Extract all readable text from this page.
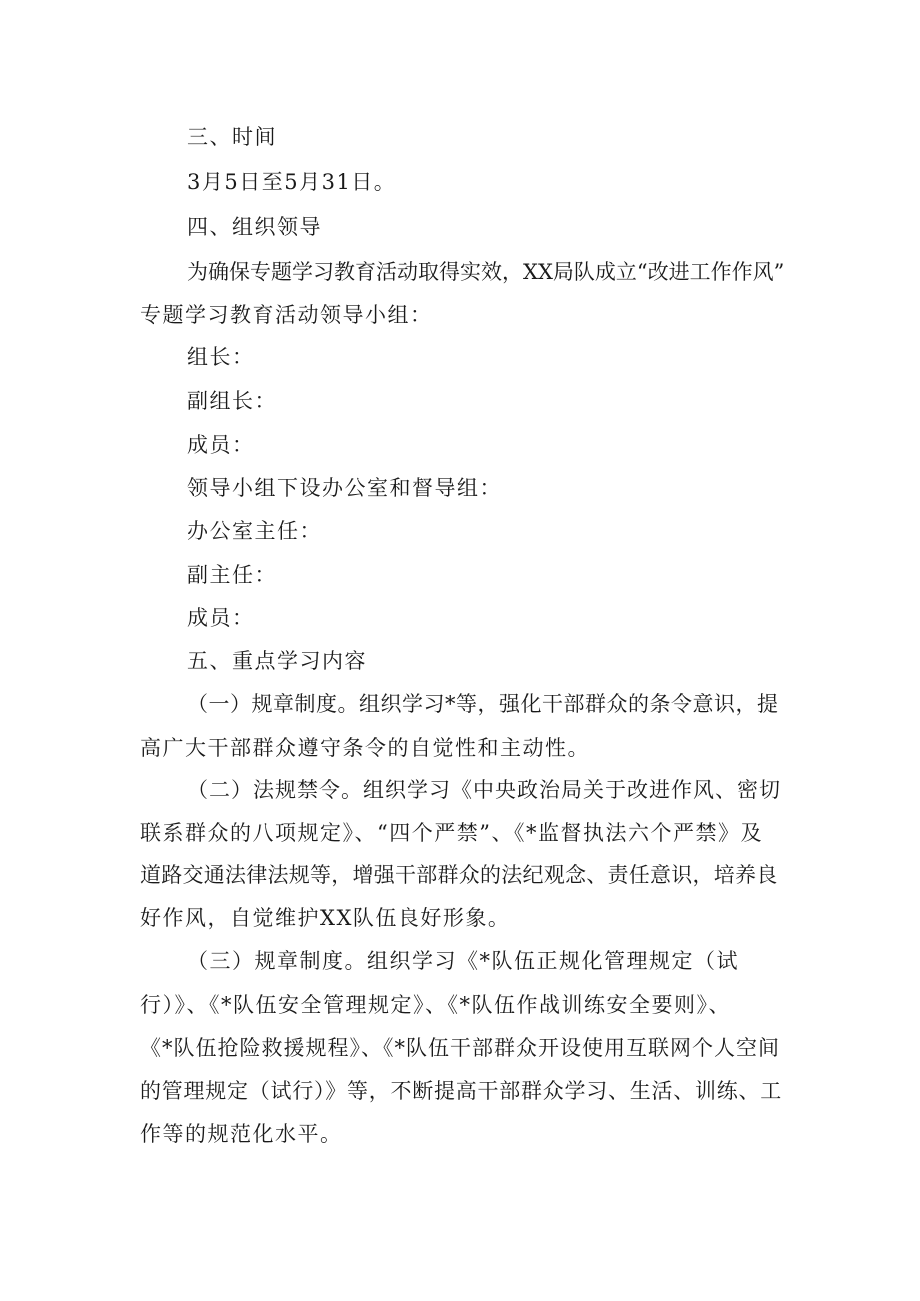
三、时间
3月5日至5月31日。
四、组织领导
为确保专题学习教育活动取得实效，XX局队成立“改进工作作风”
专题学习教育活动领导小组：
组长：
副组长：
成员：
领导小组下设办公室和督导组：
办公室主任：
副主任：
成员：
五、重点学习内容
（一）规章制度。组织学习*等，强化干部群众的条令意识，提
高广大干部群众遵守条令的自觉性和主动性。
（二）法规禁令。组织学习《中央政治局关于改进作风、密切
联系群众的八项规定》、“四个严禁”、《*监督执法六个严禁》及
道路交通法律法规等，增强干部群众的法纪观念、责任意识，培养良
好作风，自觉维护XX队伍良好形象。
（三）规章制度。组织学习《*队伍正规化管理规定（试
行）》、《*队伍安全管理规定》、《*队伍作战训练安全要则》、
《*队伍抢险救援规程》、《*队伍干部群众开设使用互联网个人空间
的管理规定（试行）》等，不断提高干部群众学习、生活、训练、工
作等的规范化水平。
